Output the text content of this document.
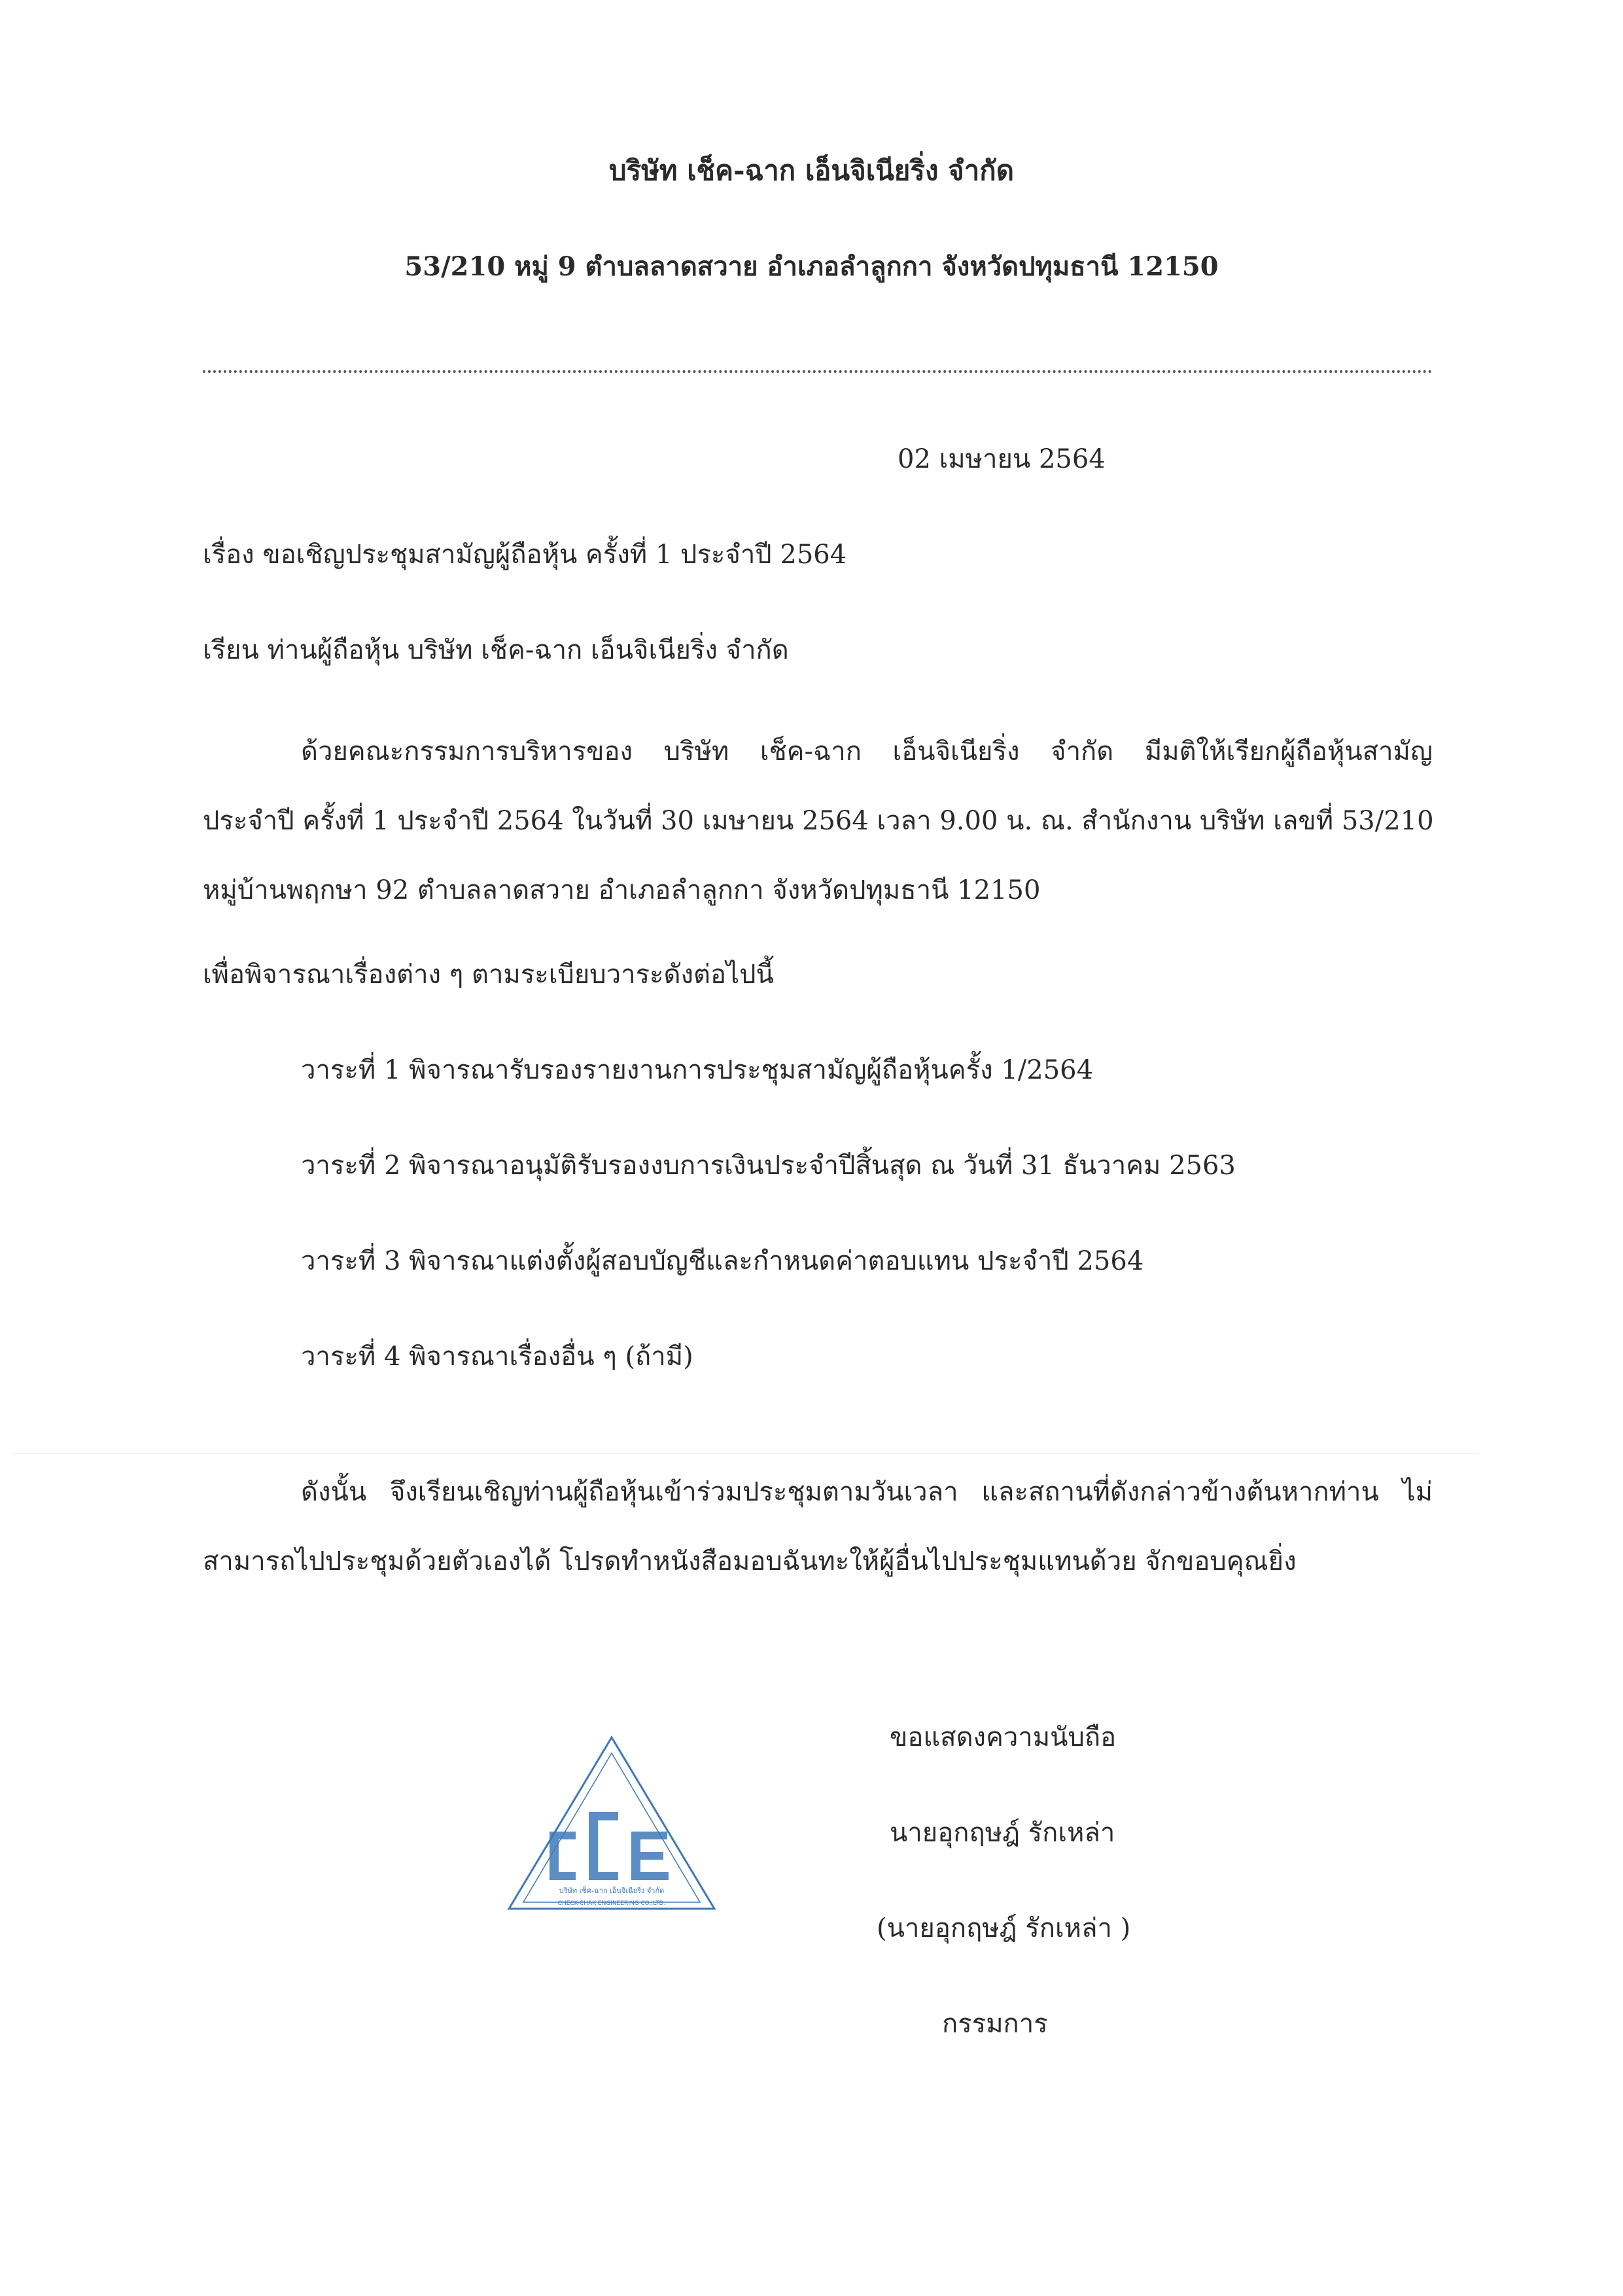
บริษัท เช็ค-ฉาก เอ็นจิเนียริ่ง จำกัด
53/210 หมู่ 9 ตำบลลาดสวาย อำเภอลำลูกกา จังหวัดปทุมธานี 12150
02 เมษายน 2564
เรื่อง ขอเชิญประชุมสามัญผู้ถือหุ้น ครั้งที่ 1 ประจำปี 2564
เรียน ท่านผู้ถือหุ้น บริษัท เช็ค-ฉาก เอ็นจิเนียริ่ง จำกัด
ด้วยคณะกรรมการบริหารของ บริษัท เช็ค-ฉาก เอ็นจิเนียริ่ง จำกัด มีมติให้เรียกผู้ถือหุ้นสามัญ
ประจำปี ครั้งที่ 1 ประจำปี 2564 ในวันที่ 30 เมษายน 2564 เวลา 9.00 น. ณ. สำนักงาน บริษัท เลขที่ 53/210
หมู่บ้านพฤกษา 92 ตำบลลาดสวาย อำเภอลำลูกกา จังหวัดปทุมธานี 12150
เพื่อพิจารณาเรื่องต่าง ๆ ตามระเบียบวาระดังต่อไปนี้
วาระที่ 1 พิจารณารับรองรายงานการประชุมสามัญผู้ถือหุ้นครั้ง 1/2564
วาระที่ 2 พิจารณาอนุมัติรับรองงบการเงินประจำปีสิ้นสุด ณ วันที่ 31 ธันวาคม 2563
วาระที่ 3 พิจารณาแต่งตั้งผู้สอบบัญชีและกำหนดค่าตอบแทน ประจำปี 2564
วาระที่ 4 พิจารณาเรื่องอื่น ๆ (ถ้ามี)
ดังนั้น จึงเรียนเชิญท่านผู้ถือหุ้นเข้าร่วมประชุมตามวันเวลา และสถานที่ดังกล่าวข้างต้นหากท่าน ไม่
สามารถไปประชุมด้วยตัวเองได้ โปรดทำหนังสือมอบฉันทะให้ผู้อื่นไปประชุมแทนด้วย จักขอบคุณยิ่ง
ขอแสดงความนับถือ
นายอุกฤษฎ์ รักเหล่า
(นายอุกฤษฎ์ รักเหล่า )
กรรมการ
บริษัท เช็ค-ฉาก เอ็นจิเนียริ่ง จำกัด
CHECK-CHAK ENGINEERING CO.,LTD.
